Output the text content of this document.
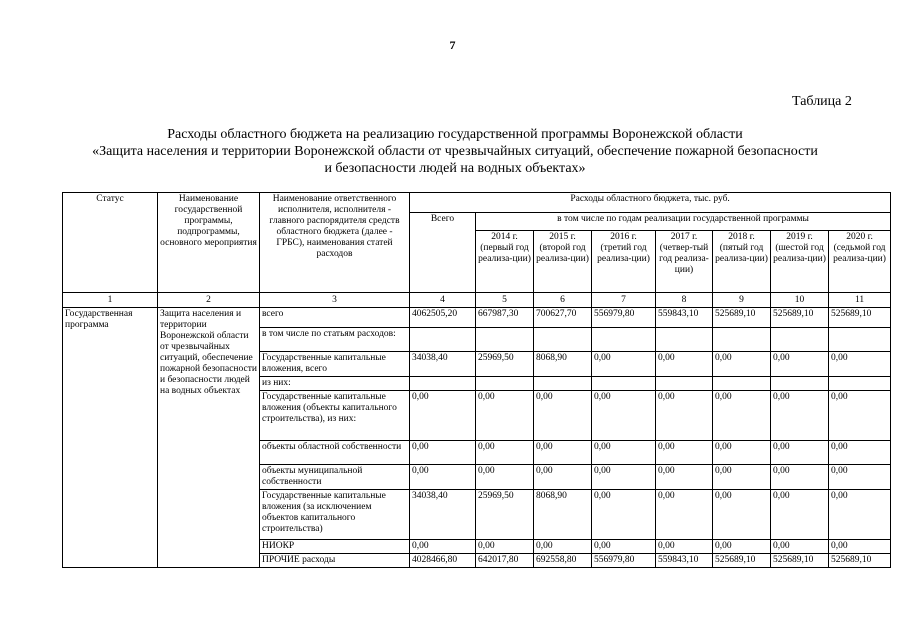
7
Таблица 2
Расходы областного бюджета на реализацию государственной программы Воронежской области
«Защита населения и территории Воронежской области от чрезвычайных ситуаций, обеспечение пожарной безопасности
и безопасности людей на водных объектах»
Статус	Наименование государственной программы, подпрограммы, основного мероприятия	Наименование ответственного исполнителя, исполнителя - главного распорядителя средств областного бюджета (далее - ГРБС), наименования статей расходов	Расходы областного бюджета, тыс. руб.							
			Всего	в том числе по годам реализации государственной программы						
				2014 г. (первый год реализа-ции)	2015 г. (второй год реализа-ции)	2016 г. (третий год реализа-ции)	2017 г. (четвер-тый год реализа-ции)	2018 г. (пятый год реализа-ции)	2019 г. (шестой год реализа-ции)	2020 г. (седьмой год реализа-ции)
1	2	3	4	5	6	7	8	9	10	11
Государственная программа	Защита населения и территории Воронежской области от чрезвычайных ситуаций, обеспечение пожарной безопасности и безопасности людей на водных объектах	всего	4062505,20	667987,30	700627,70	556979,80	559843,10	525689,10	525689,10	525689,10
		в том числе по статьям расходов:								
		Государственные капитальные вложения, всего	34038,40	25969,50	8068,90	0,00	0,00	0,00	0,00	0,00
		из них:								
		Государственные капитальные вложения (объекты капитального строительства), из них:	0,00	0,00	0,00	0,00	0,00	0,00	0,00	0,00
		объекты областной собственности	0,00	0,00	0,00	0,00	0,00	0,00	0,00	0,00
		объекты муниципальной собственности	0,00	0,00	0,00	0,00	0,00	0,00	0,00	0,00
		Государственные капитальные вложения (за исключением объектов капитального строительства)	34038,40	25969,50	8068,90	0,00	0,00	0,00	0,00	0,00
		НИОКР	0,00	0,00	0,00	0,00	0,00	0,00	0,00	0,00
		ПРОЧИЕ расходы	4028466,80	642017,80	692558,80	556979,80	559843,10	525689,10	525689,10	525689,10
